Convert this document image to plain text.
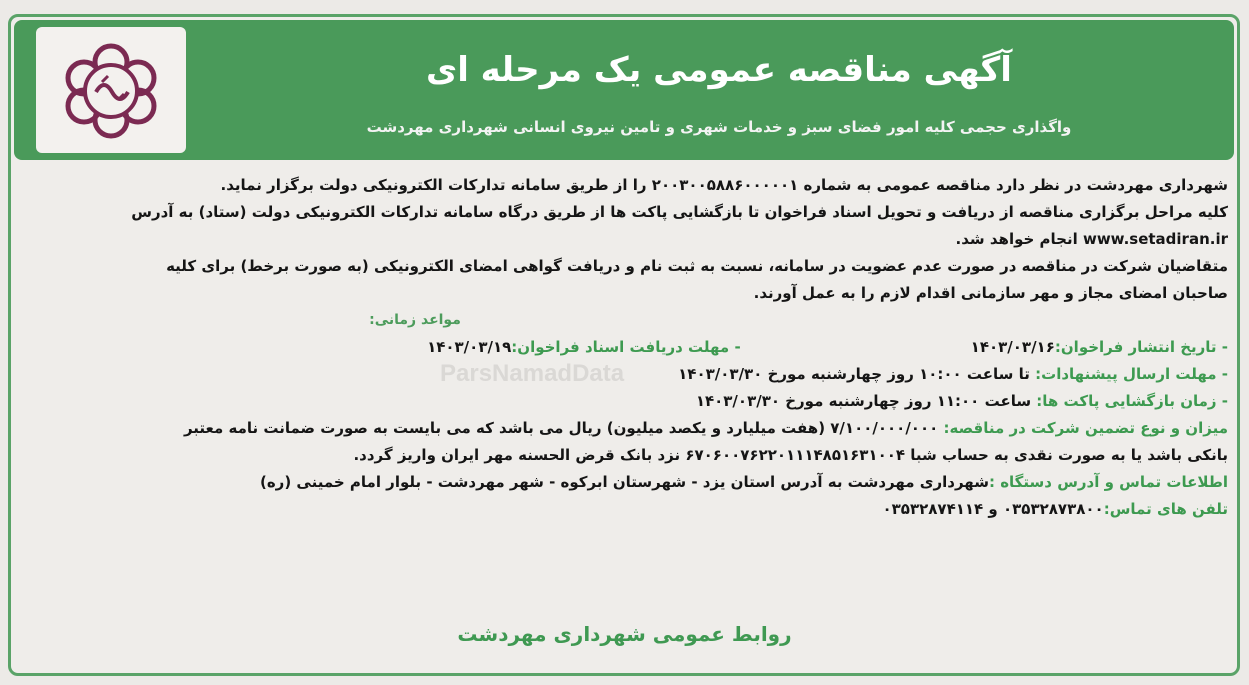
آگهی مناقصه عمومی یک مرحله ای
واگذاری حجمی کلیه امور فضای سبز و خدمات شهری و تامین نیروی انسانی شهرداری مهردشت
ParsNamadData

شهرداری مهردشت در نظر دارد مناقصه عمومی به شماره ۲۰۰۳۰۰۵۸۸۶۰۰۰۰۰۱ را از طریق سامانه تدارکات الکترونیکی دولت برگزار نماید.

کلیه مراحل برگزاری مناقصه از دریافت و تحویل اسناد فراخوان تا بازگشایی پاکت ها از طریق درگاه سامانه تدارکات الکترونیکی دولت (ستاد) به آدرس

www.setadiran.ir انجام خواهد شد.

متقاضیان شرکت در مناقصه در صورت عدم عضویت در سامانه، نسبت به ثبت نام و دریافت گواهی امضای الکترونیکی (به صورت برخط) برای کلیه

صاحبان امضای مجاز و مهر سازمانی اقدام لازم را به عمل آورند.

مواعد زمانی:

- تاریخ انتشار فراخوان:۱۴۰۳/۰۳/۱۶- مهلت دریافت اسناد فراخوان:۱۴۰۳/۰۳/۱۹

- مهلت ارسال پیشنهادات: تا ساعت ۱۰:۰۰ روز چهارشنبه مورخ ۱۴۰۳/۰۳/۳۰

- زمان بازگشایی پاکت ها: ساعت ۱۱:۰۰ روز چهارشنبه مورخ ۱۴۰۳/۰۳/۳۰

میزان و نوع تضمین شرکت در مناقصه: ۷/۱۰۰/۰۰۰/۰۰۰ (هفت میلیارد و یکصد میلیون) ریال می باشد که می بایست به صورت ضمانت نامه معتبر

بانکی باشد یا به صورت نقدی به حساب شبا ۶۷۰۶۰۰۷۶۲۲۰۱۱۱۴۸۵۱۶۳۱۰۰۴ نزد بانک قرض الحسنه مهر ایران واریز گردد.

اطلاعات تماس و آدرس دستگاه :شهرداری مهردشت به آدرس استان یزد - شهرستان ابرکوه - شهر مهردشت - بلوار امام خمینی (ره)

تلفن های تماس:۰۳۵۳۲۸۷۳۸۰۰ و ۰۳۵۳۲۸۷۴۱۱۴

روابط عمومی شهرداری مهردشت
